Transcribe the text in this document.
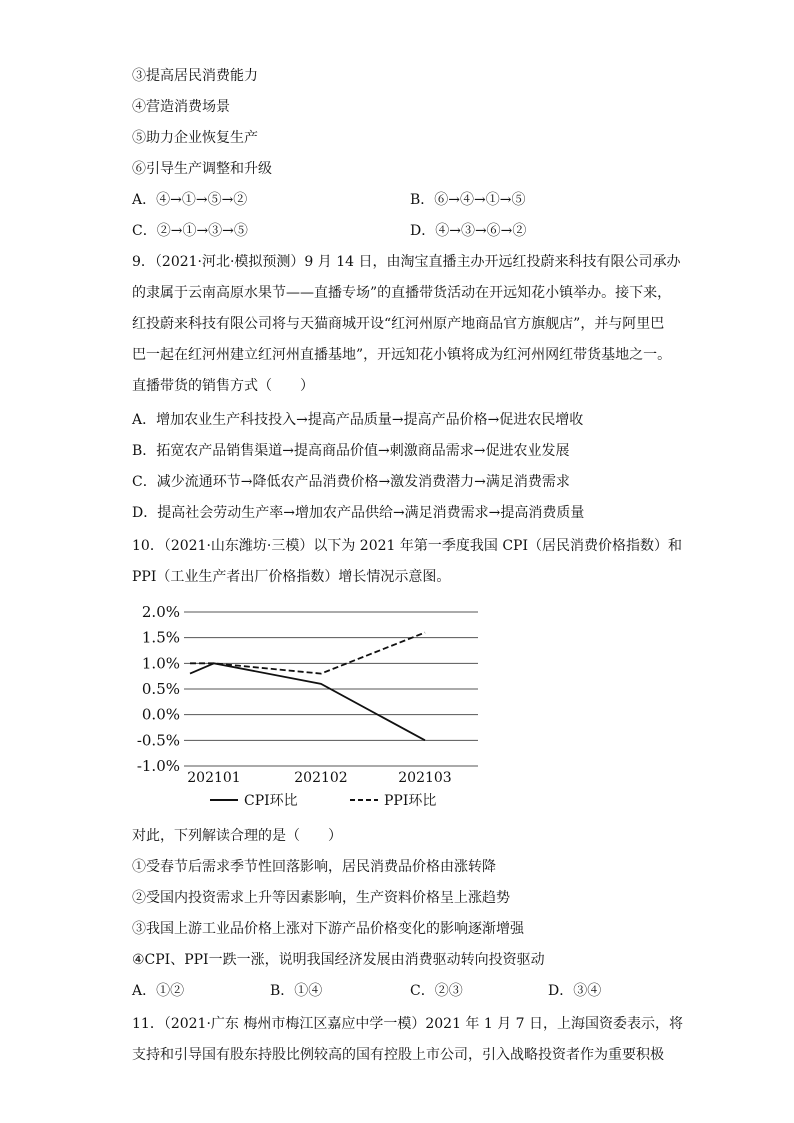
③提高居民消费能力
④营造消费场景
⑤助力企业恢复生产
⑥引导生产调整和升级
A．④→①→⑤→②	B．⑥→④→①→⑤
C．②→①→③→⑤	D．④→③→⑥→②
9．（2021·河北·模拟预测）9 月 14 日，由淘宝直播主办开远红投蔚来科技有限公司承办
的隶属于云南高原水果节——直播专场”的直播带货活动在开远知花小镇举办。接下来，
红投蔚来科技有限公司将与天猫商城开设“红河州原产地商品官方旗舰店”，并与阿里巴
巴一起在红河州建立红河州直播基地”，开远知花小镇将成为红河州网红带货基地之一。
直播带货的销售方式（　　）
A．增加农业生产科技投入→提高产品质量→提高产品价格→促进农民增收
B．拓宽农产品销售渠道→提高商品价值→刺激商品需求→促进农业发展
C．减少流通环节→降低农产品消费价格→激发消费潜力→满足消费需求
D．提高社会劳动生产率→增加农产品供给→满足消费需求→提高消费质量
10．（2021·山东潍坊·三模）以下为 2021 年第一季度我国 CPI（居民消费价格指数）和
PPI（工业生产者出厂价格指数）增长情况示意图。
2.0%
1.5%
1.0%
0.5%
0.0%
-0.5%
-1.0%
202101	202102	202103
CPI环比	PPI环比
对此，下列解读合理的是（　　）
①受春节后需求季节性回落影响，居民消费品价格由涨转降
②受国内投资需求上升等因素影响，生产资料价格呈上涨趋势
③我国上游工业品价格上涨对下游产品价格变化的影响逐渐增强
④CPI、PPI一跌一涨，说明我国经济发展由消费驱动转向投资驱动
A．①②	B．①④	C．②③	D．③④
11．（2021·广东 梅州市梅江区嘉应中学一模）2021 年 1 月 7 日，上海国资委表示，将
支持和引导国有股东持股比例较高的国有控股上市公司，引入战略投资者作为重要积极
